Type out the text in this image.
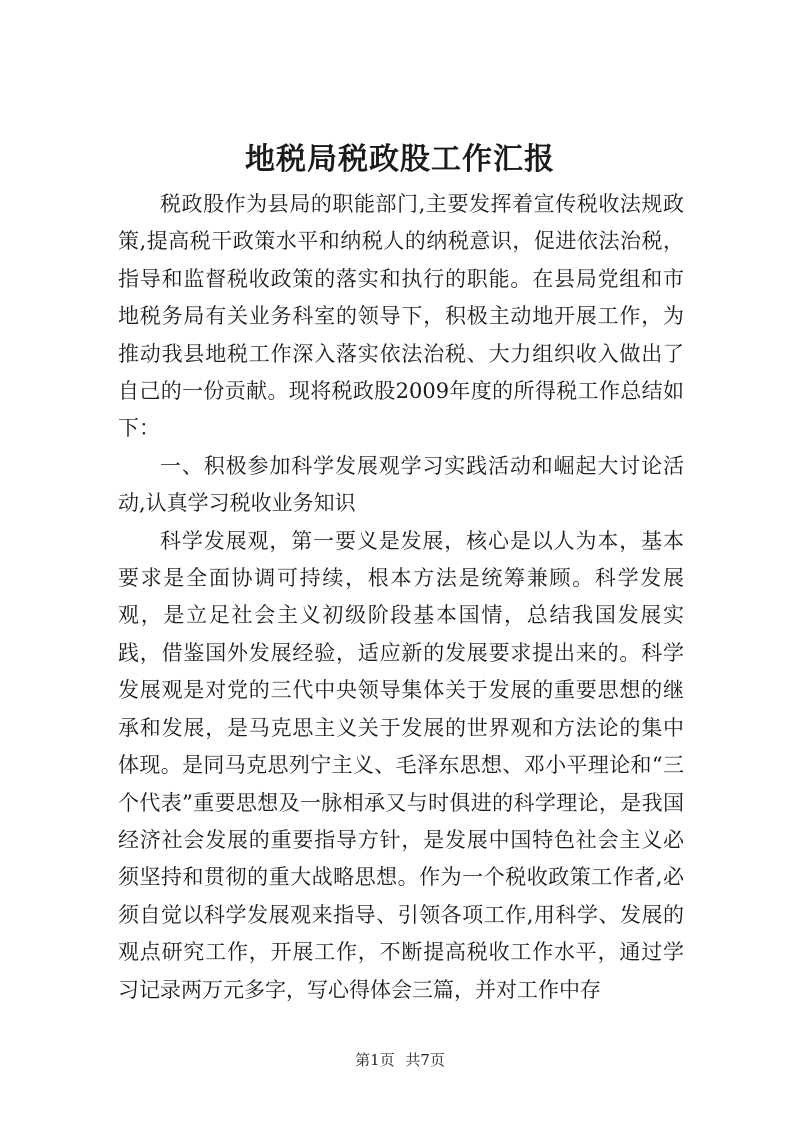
地税局税政股工作汇报

税政股作为县局的职能部门,主要发挥着宣传税收法规政策,提高税干政策水平和纳税人的纳税意识，促进依法治税，指导和监督税收政策的落实和执行的职能。在县局党组和市地税务局有关业务科室的领导下，积极主动地开展工作，为推动我县地税工作深入落实依法治税、大力组织收入做出了自己的一份贡献。现将税政股2009年度的所得税工作总结如下：

一、积极参加科学发展观学习实践活动和崛起大讨论活动,认真学习税收业务知识

科学发展观，第一要义是发展，核心是以人为本，基本要求是全面协调可持续，根本方法是统筹兼顾。科学发展观，是立足社会主义初级阶段基本国情，总结我国发展实践，借鉴国外发展经验，适应新的发展要求提出来的。科学发展观是对党的三代中央领导集体关于发展的重要思想的继承和发展，是马克思主义关于发展的世界观和方法论的集中体现。是同马克思列宁主义、毛泽东思想、邓小平理论和“三个代表”重要思想及一脉相承又与时俱进的科学理论，是我国经济社会发展的重要指导方针，是发展中国特色社会主义必须坚持和贯彻的重大战略思想。作为一个税收政策工作者,必须自觉以科学发展观来指导、引领各项工作,用科学、发展的观点研究工作，开展工作，不断提高税收工作水平，通过学习记录两万元多字，写心得体会三篇，并对工作中存

第1页 共7页
